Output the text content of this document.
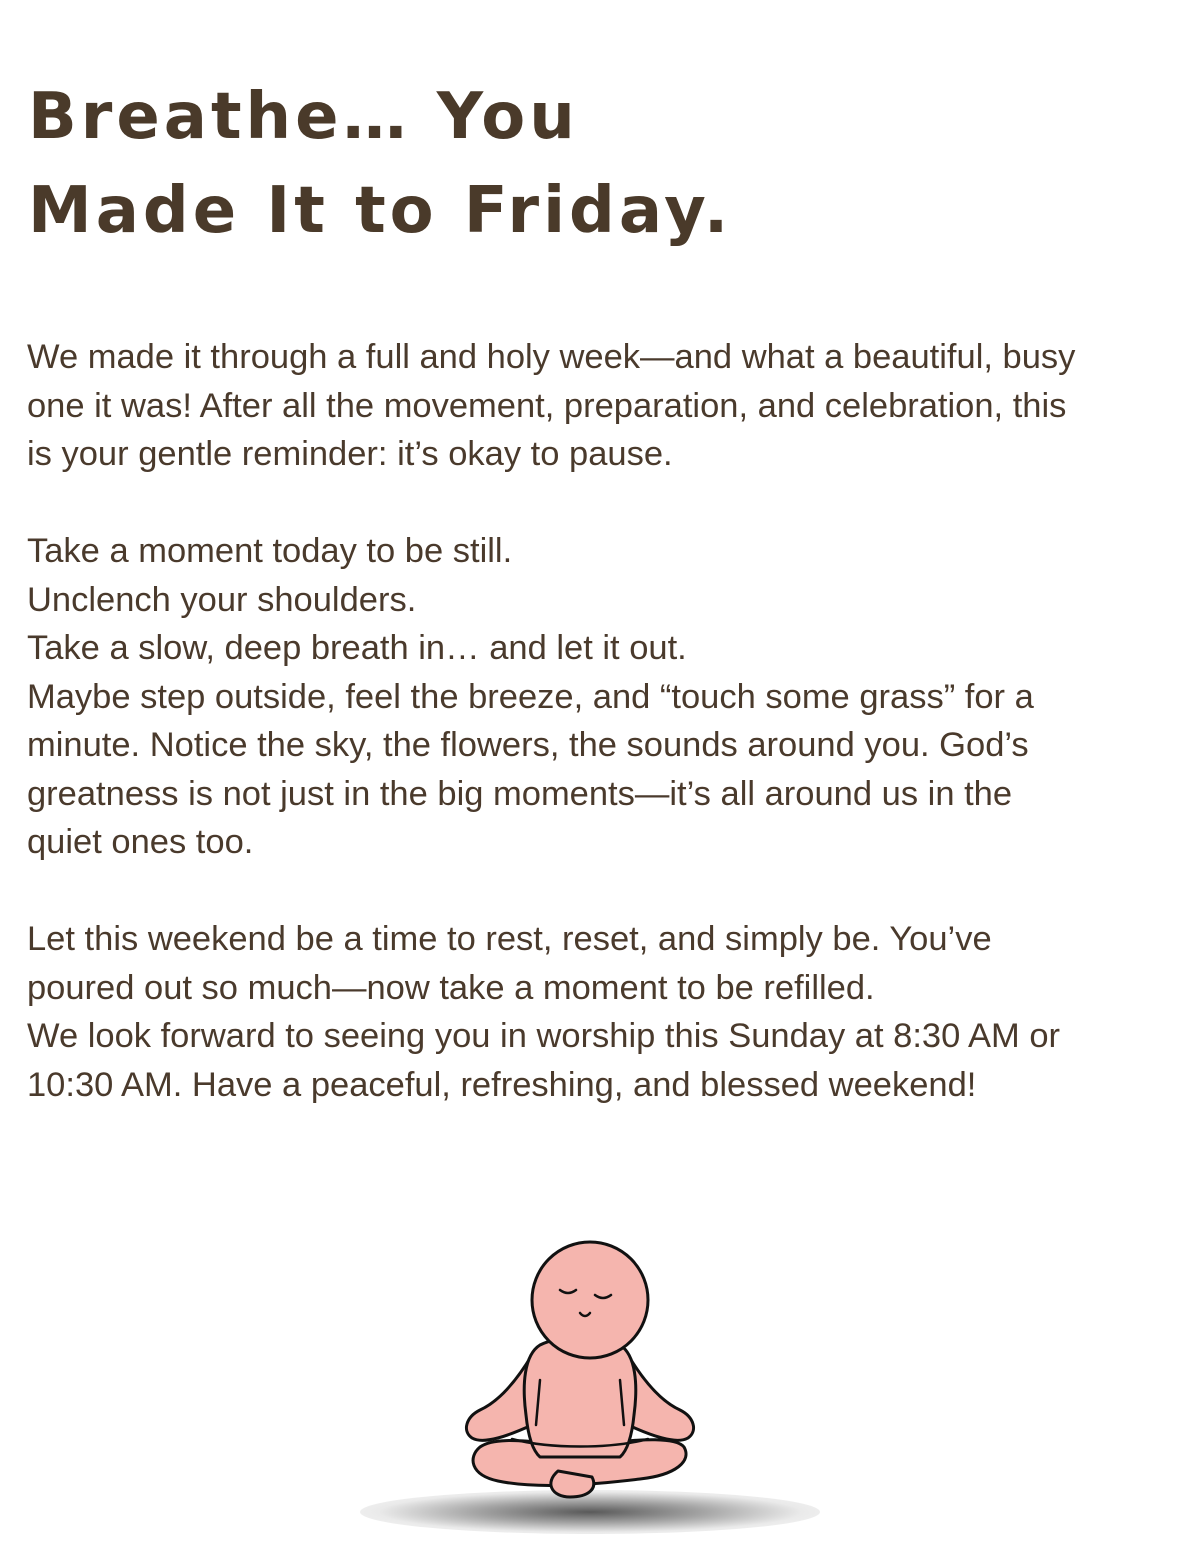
Breathe… You
Made It to Friday.
We made it through a full and holy week—and what a beautiful, busy
one it was! After all the movement, preparation, and celebration, this
is your gentle reminder: it’s okay to pause.
Take a moment today to be still.
Unclench your shoulders.
Take a slow, deep breath in… and let it out.
Maybe step outside, feel the breeze, and “touch some grass” for a
minute. Notice the sky, the flowers, the sounds around you. God’s
greatness is not just in the big moments—it’s all around us in the
quiet ones too.
Let this weekend be a time to rest, reset, and simply be. You’ve
poured out so much—now take a moment to be refilled.
We look forward to seeing you in worship this Sunday at 8:30 AM or
10:30 AM. Have a peaceful, refreshing, and blessed weekend!
